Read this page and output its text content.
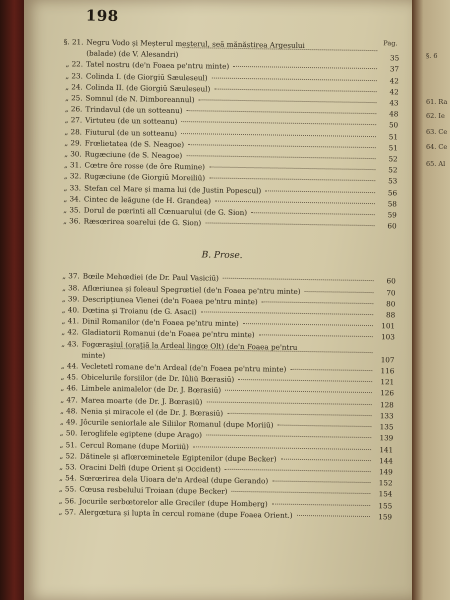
198
Pag.
§. 21. Negru Vodo și Meșterul meșterul, seă mănăstirea Argeșului
(balade) (de V. Alesandri)	35
„ 22. Tatel nostru (de'n Foaea pe'ntru minte)	37
„ 23. Colinda I. (de Giorgiū Sæuleseul)	42
„ 24. Colinda II. (de Giorgiū Sæuleseul)	42
„ 25. Somnul (de N. Dimboreannul)	43
„ 26. Trindavul (de un sotteanu)	48
„ 27. Virtuteu (de un sotteanu)	50
„ 28. Fiuturul (de un sotteanu)	51
„ 29. Frœlietatea (de S. Neagoe)	51
„ 30. Rugæciune (de S. Neagoe)	52
„ 31. Cœtre ôre rosse (de ôre Rumine)	52
„ 32. Rugæciune (de Giorgiū Moreiliū)	53
„ 33. Stefan cel Mare și mama lui (de Justin Popescul)	56
„ 34. Cintec de leăgune (de H. Grandea)	58
„ 35. Dorul de pœrinti all Cœnuarului (de G. Sion)	59
„ 36. Ræsœrirea soarelui (de G. Sion)	60
B. Prose.
„ 37. Bœile Mehœdiei (de Dr. Paul Vasiciū)	60
„ 38. Aflœriunea și foleaul Spegrœtiel (de'n Foaea pe'ntru minte)	70
„ 39. Descripțiunea Vienei (de'n Foaea pe'ntru minte)	80
„ 40. Dœtina și Troianu (de G. Asaci)	88
„ 41. Dinil Romanilor (de'n Foaea pe'ntru minte)	101
„ 42. Gladiatorii Romanui (de'n Foaea pe'ntru minte)	103
„ 43. Fogœrașiul (orațiă la Ardeal lingœ Olt) (de'n Foaea pe'ntru
minte)	107
„ 44. Vecletetl romane de'n Ardeal (de'n Foaea pe'ntru minte)	116
„ 45. Obicelurile forsiilor (de Dr. Iûliū Bœrasiū)	121
„ 46. Limbele animalelor (de Dr. J. Bœrasiū)	126
„ 47. Marea moarte (de Dr. J. Bœrasiū)	128
„ 48. Nenia și miracole el (de Dr. J. Bœrasiū)	133
„ 49. Jôcurile seniorlale ale Siliilor Romanul (dupe Moriiū)	135
„ 50. Ieroglifele egiptene (dupe Arago)	139
„ 51. Cercul Romane (dupe Moriiū)	141
„ 52. Dătinele și aflœrœminetele Egiptenilor (dupe Becker)	144
„ 53. Oracini Delfi (dupe Orient și Occident)	149
„ 54. Sœrœrirea dela Uioara de'n Ardeal (dupe Gerando)	152
„ 55. Cœusa resbelului Troiaan (dupe Becker)	154
„ 56. Jocurile serbœtorelor alle Greciler (dupe Homberg)	155
„ 57. Alergœtura și lupta în cercul romane (dupe Foaea Orient.)	159
§. 6
61. Ra
62. Ie
63. Ce
64. Ce
65. Al
